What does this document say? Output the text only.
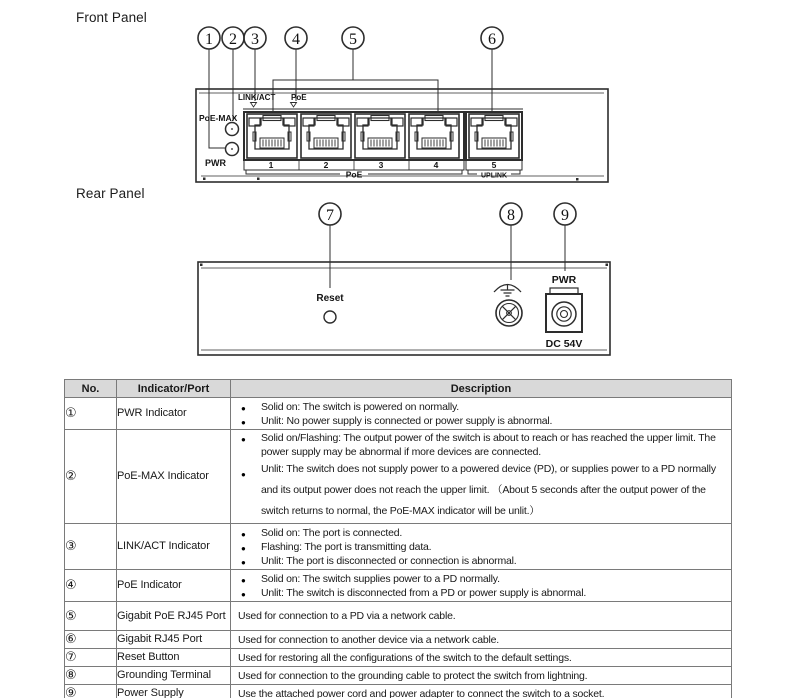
Front Panel
1 2 3 4	5	6
LINK/ACT PoE
PoE-MAX
PWR	1	2	3	4
PoE
5
UPLINK
Rear Panel
7	8	9
Reset
PWR
DC 54V
No.	Indicator/Port	Description
①	PWR Indicator	● Solid on: The switch is powered on normally.
● Unlit: No power supply is connected or power supply is abnormal.

②	PoE-MAX Indicator	● Solid on/Flashing: The output power of the switch is about to reach or has reached the upper limit. The power supply may be abnormal if more devices are connected.
● Unlit: The switch does not supply power to a powered device (PD), or supplies power to a PD normally and its output power does not reach the upper limit. （About 5 seconds after the output power of the switch returns to normal, the PoE-MAX indicator will be unlit.）

③	LINK/ACT Indicator	● Solid on: The port is connected.
● Flashing: The port is transmitting data.
● Unlit: The port is disconnected or connection is abnormal.

④	PoE Indicator	● Solid on: The switch supplies power to a PD normally.
● Unlit: The switch is disconnected from a PD or power supply is abnormal.

⑤	Gigabit PoE RJ45 Port	Used for connection to a PD via a network cable.
⑥	Gigabit RJ45 Port	Used for connection to another device via a network cable.
⑦	Reset Button	Used for restoring all the configurations of the switch to the default settings.
⑧	Grounding Terminal	Used for connection to the grounding cable to protect the switch from lightning.
⑨	Power Supply	Use the attached power cord and power adapter to connect the switch to a socket.
